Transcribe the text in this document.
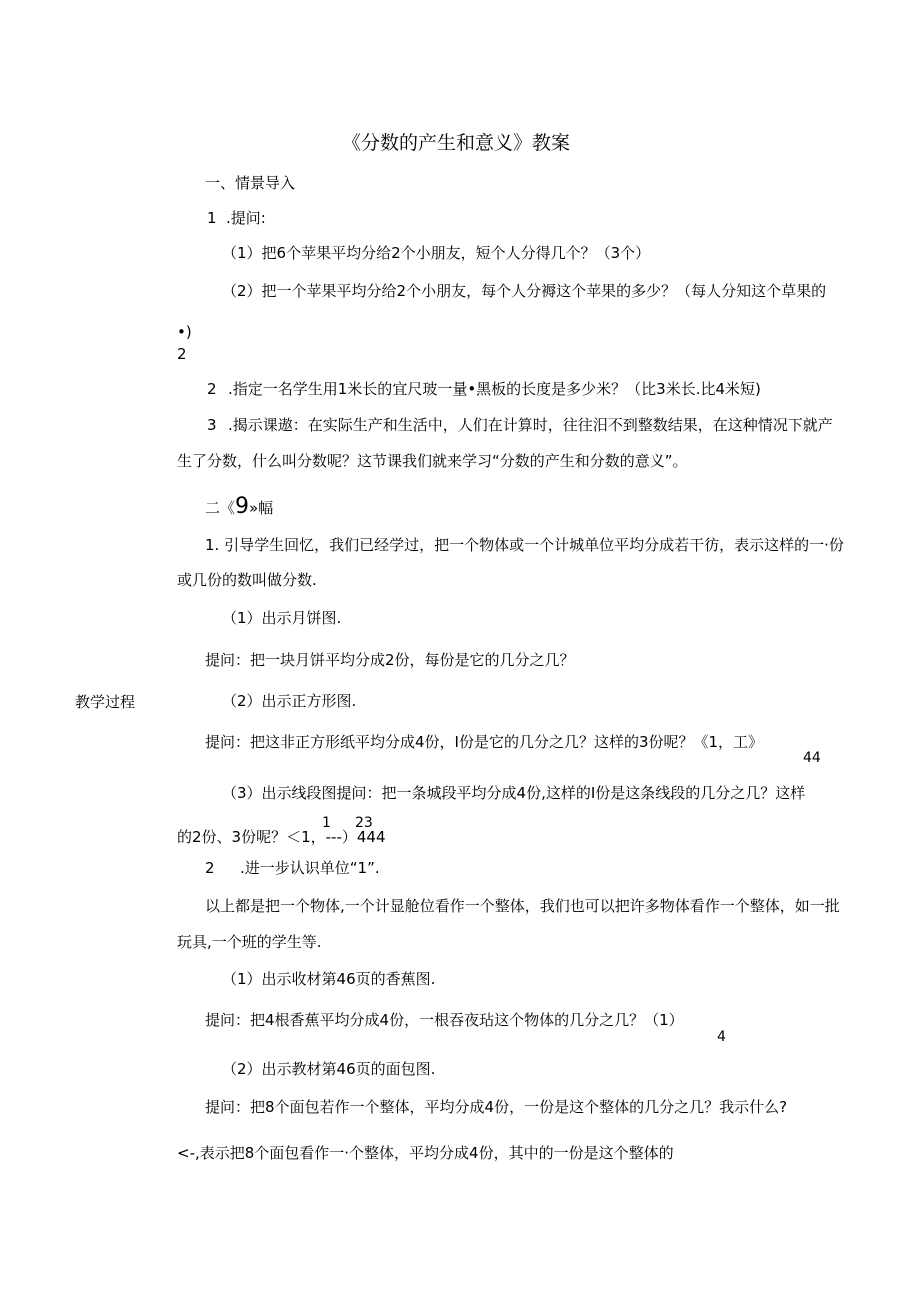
《分数的产生和意义》教案
一、情景导入
1 .提问:
（1）把6个苹果平均分给2个小朋友，短个人分得几个？（3个）
（2）把一个苹果平均分给2个小朋友，每个人分褥这个苹果的多少？（每人分知这个草果的
•)
2
2 .指定一名学生用1米长的宜尺玻一量•黑板的长度是多少米？（比3米长.比4米短)
3 .揭示课遨：在实际生产和生活中，人们在计算时，往往汨不到整数结果，在这种情况下就产
生了分数，什么叫分数呢？这节课我们就来学习“分数的产生和分数的意义”。
二《9»幅
1. 引导学生回忆，我们已经学过，把一个物体或一个计城单位平均分成若干彷，表示这样的一·份
或几份的数叫做分数.
（1）出示月饼图.
提问：把一块月饼平均分成2份，每份是它的几分之几？
教学过程	（2）出示正方形图.
提问：把这非正方形纸平均分成4份，I份是它的几分之几？这样的3份呢？《1，工》
44
（3）出示线段图提问：把一条城段平均分成4份,这样的I份是这条线段的几分之几？这样
1 23
的2份、3份呢？＜1，---）444
2 .进一步认识单位“1”.
以上都是把一个物体,一个计显舱位看作一个整体，我们也可以把许多物体看作一个整体，如一批
玩具,一个班的学生等.
（1）出示收材第46页的香蕉图.
提问：把4根香蕉平均分成4份，一根吞夜玷这个物体的几分之几？（1）
4
（2）出示教材第46页的面包图.
提问：把8个面包若作一个整体，平均分成4份，一份是这个整体的几分之几？我示什么?
<-,表示把8个面包看作一·个整体，平均分成4份，其中的一份是这个整体的
